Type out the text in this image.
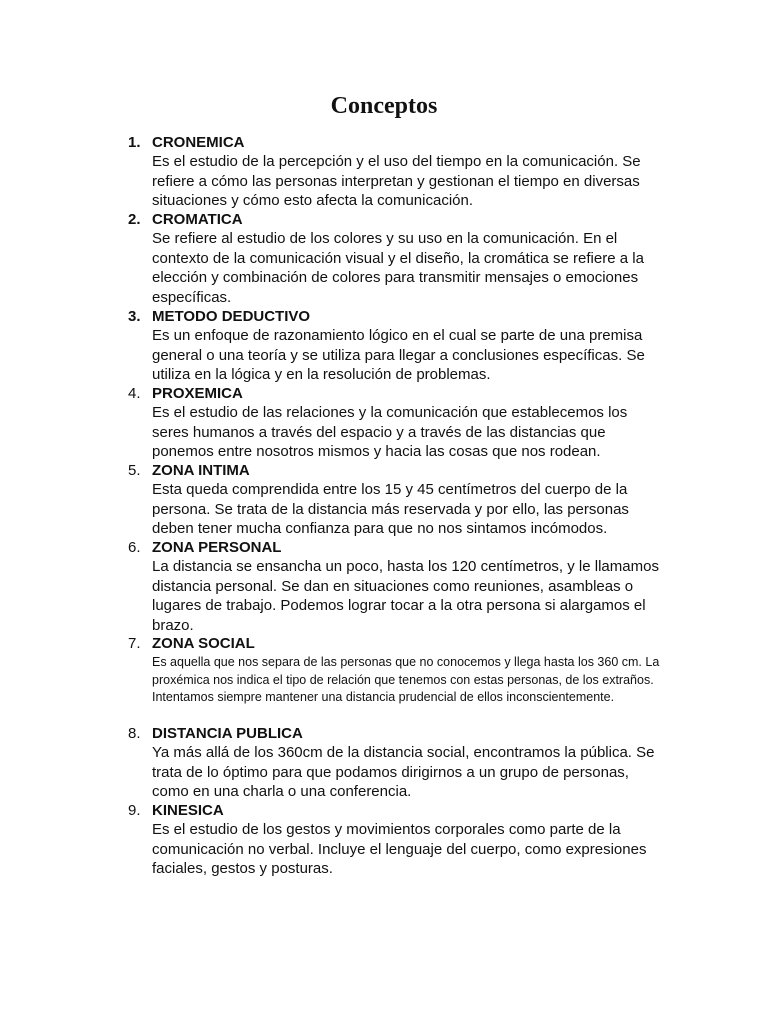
Conceptos
1. CRONEMICA
Es el estudio de la percepción y el uso del tiempo en la comunicación. Se refiere a cómo las personas interpretan y gestionan el tiempo en diversas situaciones y cómo esto afecta la comunicación.
2. CROMATICA
Se refiere al estudio de los colores y su uso en la comunicación. En el contexto de la comunicación visual y el diseño, la cromática se refiere a la elección y combinación de colores para transmitir mensajes o emociones específicas.
3. METODO DEDUCTIVO
Es un enfoque de razonamiento lógico en el cual se parte de una premisa general o una teoría y se utiliza para llegar a conclusiones específicas. Se utiliza en la lógica y en la resolución de problemas.
4. PROXEMICA
Es el estudio de las relaciones y la comunicación que establecemos los seres humanos a través del espacio y a través de las distancias que ponemos entre nosotros mismos y hacia las cosas que nos rodean.
5. ZONA INTIMA
Esta queda comprendida entre los 15 y 45 centímetros del cuerpo de la persona. Se trata de la distancia más reservada y por ello, las personas deben tener mucha confianza para que no nos sintamos incómodos.
6. ZONA PERSONAL
La distancia se ensancha un poco, hasta los 120 centímetros, y le llamamos distancia personal. Se dan en situaciones como reuniones, asambleas o lugares de trabajo. Podemos lograr tocar a la otra persona si alargamos el brazo.
7. ZONA SOCIAL
Es aquella que nos separa de las personas que no conocemos y llega hasta los 360 cm. La proxémica nos indica el tipo de relación que tenemos con estas personas, de los extraños. Intentamos siempre mantener una distancia prudencial de ellos inconscientemente.
8. DISTANCIA PUBLICA
Ya más allá de los 360cm de la distancia social, encontramos la pública. Se trata de lo óptimo para que podamos dirigirnos a un grupo de personas, como en una charla o una conferencia.
9. KINESICA
Es el estudio de los gestos y movimientos corporales como parte de la comunicación no verbal. Incluye el lenguaje del cuerpo, como expresiones faciales, gestos y posturas.
